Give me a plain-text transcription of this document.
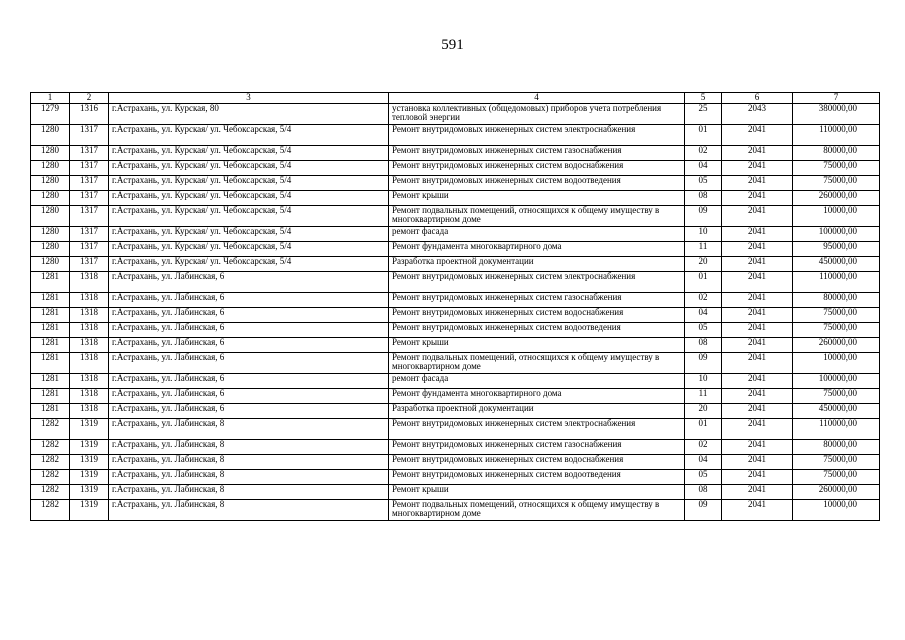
591
1	2	3	4	5	6	7
1279	1316	г.Астрахань, ул. Курская, 80	установка коллективных (общедомовых) приборов учета потребления тепловой энергии	25	2043	380000,00
1280	1317	г.Астрахань, ул. Курская/ ул. Чебоксарская, 5/4	Ремонт внутридомовых инженерных систем электроснабжения	01	2041	110000,00
1280	1317	г.Астрахань, ул. Курская/ ул. Чебоксарская, 5/4	Ремонт внутридомовых инженерных систем газоснабжения	02	2041	80000,00
1280	1317	г.Астрахань, ул. Курская/ ул. Чебоксарская, 5/4	Ремонт внутридомовых инженерных систем водоснабжения	04	2041	75000,00
1280	1317	г.Астрахань, ул. Курская/ ул. Чебоксарская, 5/4	Ремонт внутридомовых инженерных систем водоотведения	05	2041	75000,00
1280	1317	г.Астрахань, ул. Курская/ ул. Чебоксарская, 5/4	Ремонт крыши	08	2041	260000,00
1280	1317	г.Астрахань, ул. Курская/ ул. Чебоксарская, 5/4	Ремонт подвальных помещений, относящихся к общему имуществу в многоквартирном доме	09	2041	10000,00
1280	1317	г.Астрахань, ул. Курская/ ул. Чебоксарская, 5/4	ремонт фасада	10	2041	100000,00
1280	1317	г.Астрахань, ул. Курская/ ул. Чебоксарская, 5/4	Ремонт фундамента многоквартирного дома	11	2041	95000,00
1280	1317	г.Астрахань, ул. Курская/ ул. Чебоксарская, 5/4	Разработка проектной документации	20	2041	450000,00
1281	1318	г.Астрахань, ул. Лабинская, 6	Ремонт внутридомовых инженерных систем электроснабжения	01	2041	110000,00
1281	1318	г.Астрахань, ул. Лабинская, 6	Ремонт внутридомовых инженерных систем газоснабжения	02	2041	80000,00
1281	1318	г.Астрахань, ул. Лабинская, 6	Ремонт внутридомовых инженерных систем водоснабжения	04	2041	75000,00
1281	1318	г.Астрахань, ул. Лабинская, 6	Ремонт внутридомовых инженерных систем водоотведения	05	2041	75000,00
1281	1318	г.Астрахань, ул. Лабинская, 6	Ремонт крыши	08	2041	260000,00
1281	1318	г.Астрахань, ул. Лабинская, 6	Ремонт подвальных помещений, относящихся к общему имуществу в многоквартирном доме	09	2041	10000,00
1281	1318	г.Астрахань, ул. Лабинская, 6	ремонт фасада	10	2041	100000,00
1281	1318	г.Астрахань, ул. Лабинская, 6	Ремонт фундамента многоквартирного дома	11	2041	75000,00
1281	1318	г.Астрахань, ул. Лабинская, 6	Разработка проектной документации	20	2041	450000,00
1282	1319	г.Астрахань, ул. Лабинская, 8	Ремонт внутридомовых инженерных систем электроснабжения	01	2041	110000,00
1282	1319	г.Астрахань, ул. Лабинская, 8	Ремонт внутридомовых инженерных систем газоснабжения	02	2041	80000,00
1282	1319	г.Астрахань, ул. Лабинская, 8	Ремонт внутридомовых инженерных систем водоснабжения	04	2041	75000,00
1282	1319	г.Астрахань, ул. Лабинская, 8	Ремонт внутридомовых инженерных систем водоотведения	05	2041	75000,00
1282	1319	г.Астрахань, ул. Лабинская, 8	Ремонт крыши	08	2041	260000,00
1282	1319	г.Астрахань, ул. Лабинская, 8	Ремонт подвальных помещений, относящихся к общему имуществу в многоквартирном доме	09	2041	10000,00
